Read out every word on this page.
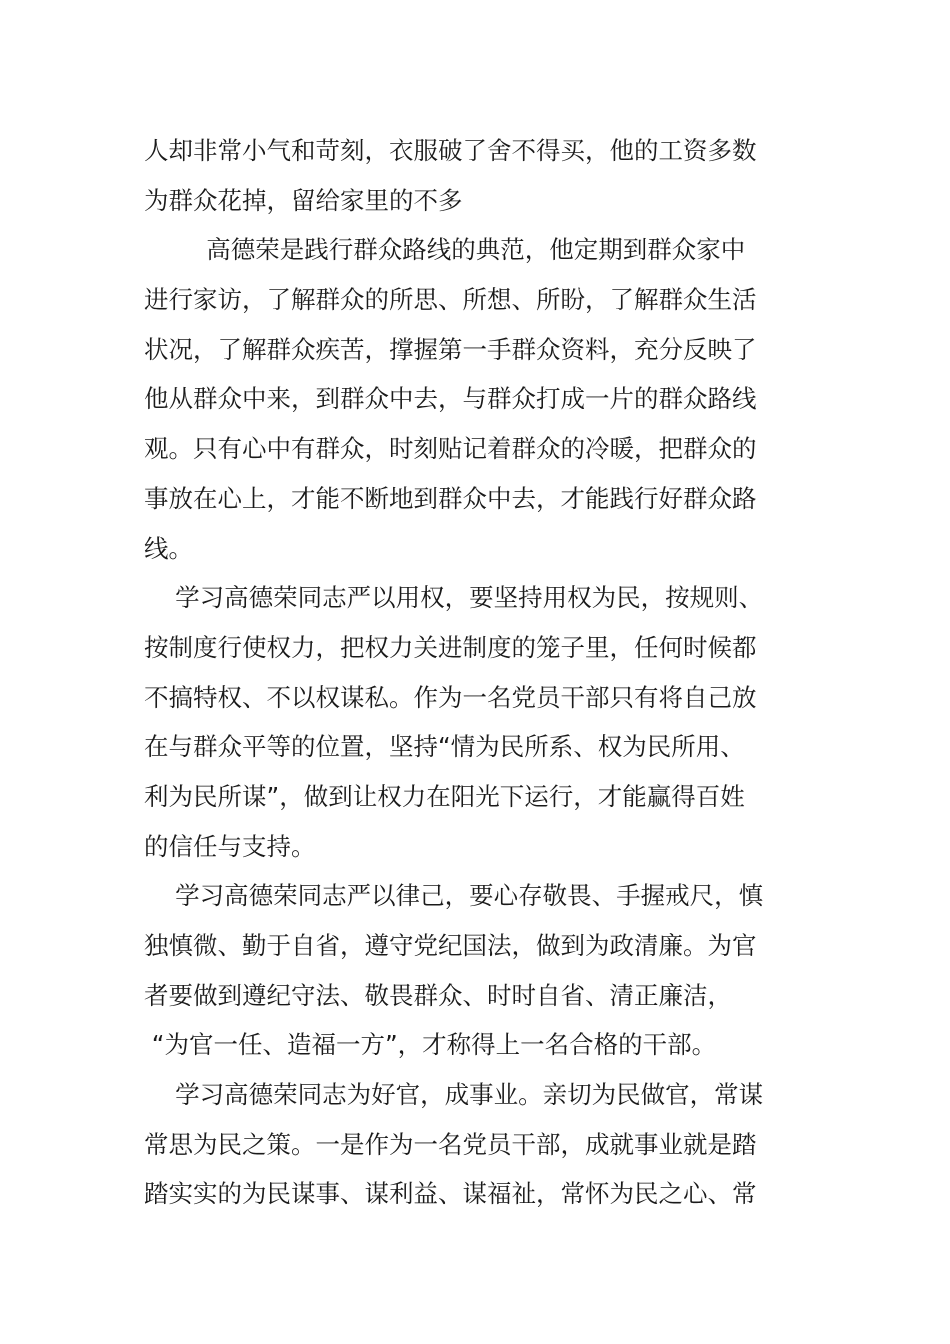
人却非常小气和苛刻，衣服破了舍不得买，他的工资多数
为群众花掉，留给家里的不多
高德荣是践行群众路线的典范，他定期到群众家中
进行家访，了解群众的所思、所想、所盼，了解群众生活
状况，了解群众疾苦，撑握第一手群众资料，充分反映了
他从群众中来，到群众中去，与群众打成一片的群众路线
观。只有心中有群众，时刻贴记着群众的冷暖，把群众的
事放在心上，才能不断地到群众中去，才能践行好群众路
线。
学习高德荣同志严以用权，要坚持用权为民，按规则、
按制度行使权力，把权力关进制度的笼子里，任何时候都
不搞特权、不以权谋私。作为一名党员干部只有将自己放
在与群众平等的位置，坚持“情为民所系、权为民所用、
利为民所谋”，做到让权力在阳光下运行，才能赢得百姓
的信任与支持。
学习高德荣同志严以律己，要心存敬畏、手握戒尺，慎
独慎微、勤于自省，遵守党纪国法，做到为政清廉。为官
者要做到遵纪守法、敬畏群众、时时自省、清正廉洁，
“为官一任、造福一方”，才称得上一名合格的干部。
学习高德荣同志为好官，成事业。亲切为民做官，常谋
常思为民之策。一是作为一名党员干部，成就事业就是踏
踏实实的为民谋事、谋利益、谋福祉，常怀为民之心、常
